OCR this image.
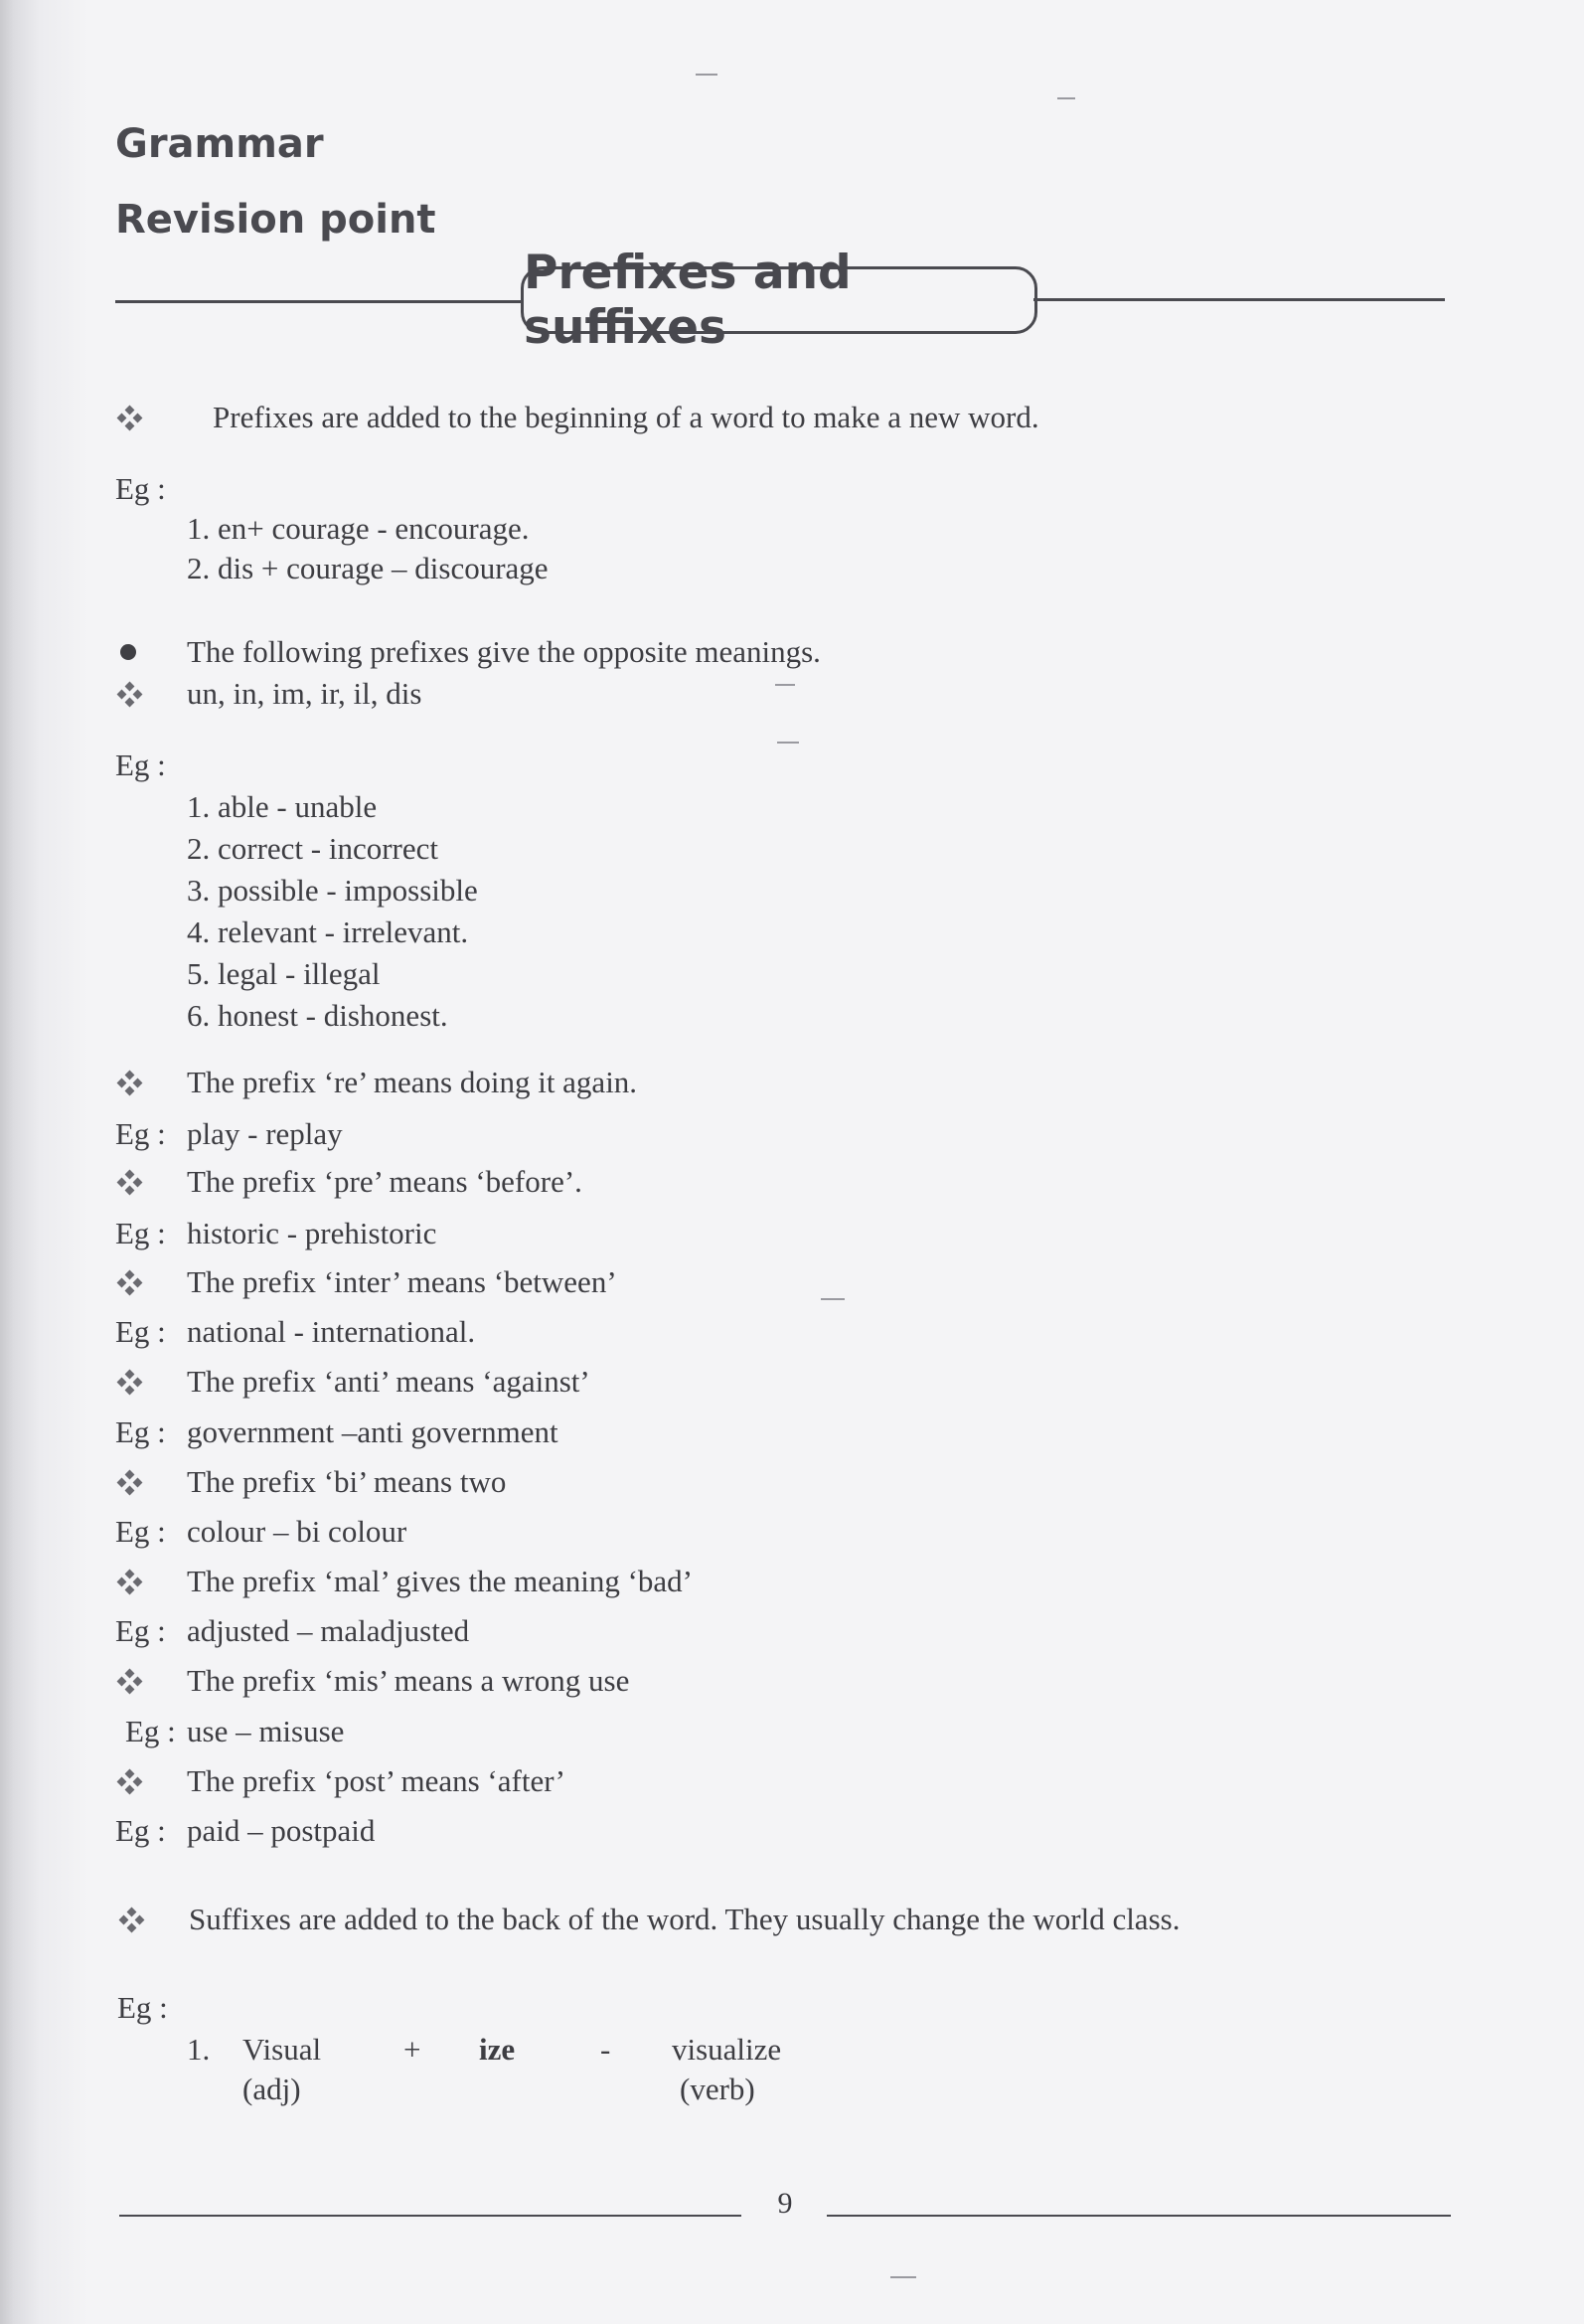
Grammar
Revision point
Prefixes and suffixes
Prefixes are added to the beginning of a word to make a new word.
Eg :
1. en+ courage - encourage.
2. dis + courage – discourage
The following prefixes give the opposite meanings.
un, in, im, ir, il, dis
Eg :
1. able - unable
2. correct - incorrect
3. possible - impossible
4. relevant - irrelevant.
5. legal - illegal
6. honest - dishonest.
The prefix ‘re’ means doing it again.
Eg : play - replay
The prefix ‘pre’ means ‘before’.
Eg : historic - prehistoric
The prefix ‘inter’ means ‘between’
Eg : national - international.
The prefix ‘anti’ means ‘against’
Eg : government –anti government
The prefix ‘bi’ means two
Eg : colour – bi colour
The prefix ‘mal’ gives the meaning ‘bad’
Eg : adjusted – maladjusted
The prefix ‘mis’ means a wrong use
Eg : use – misuse
The prefix ‘post’ means ‘after’
Eg : paid – postpaid
Suffixes are added to the back of the word. They usually change the world class.
Eg :
1. Visual	+ ize	- visualize
(adj)	(verb)
9
